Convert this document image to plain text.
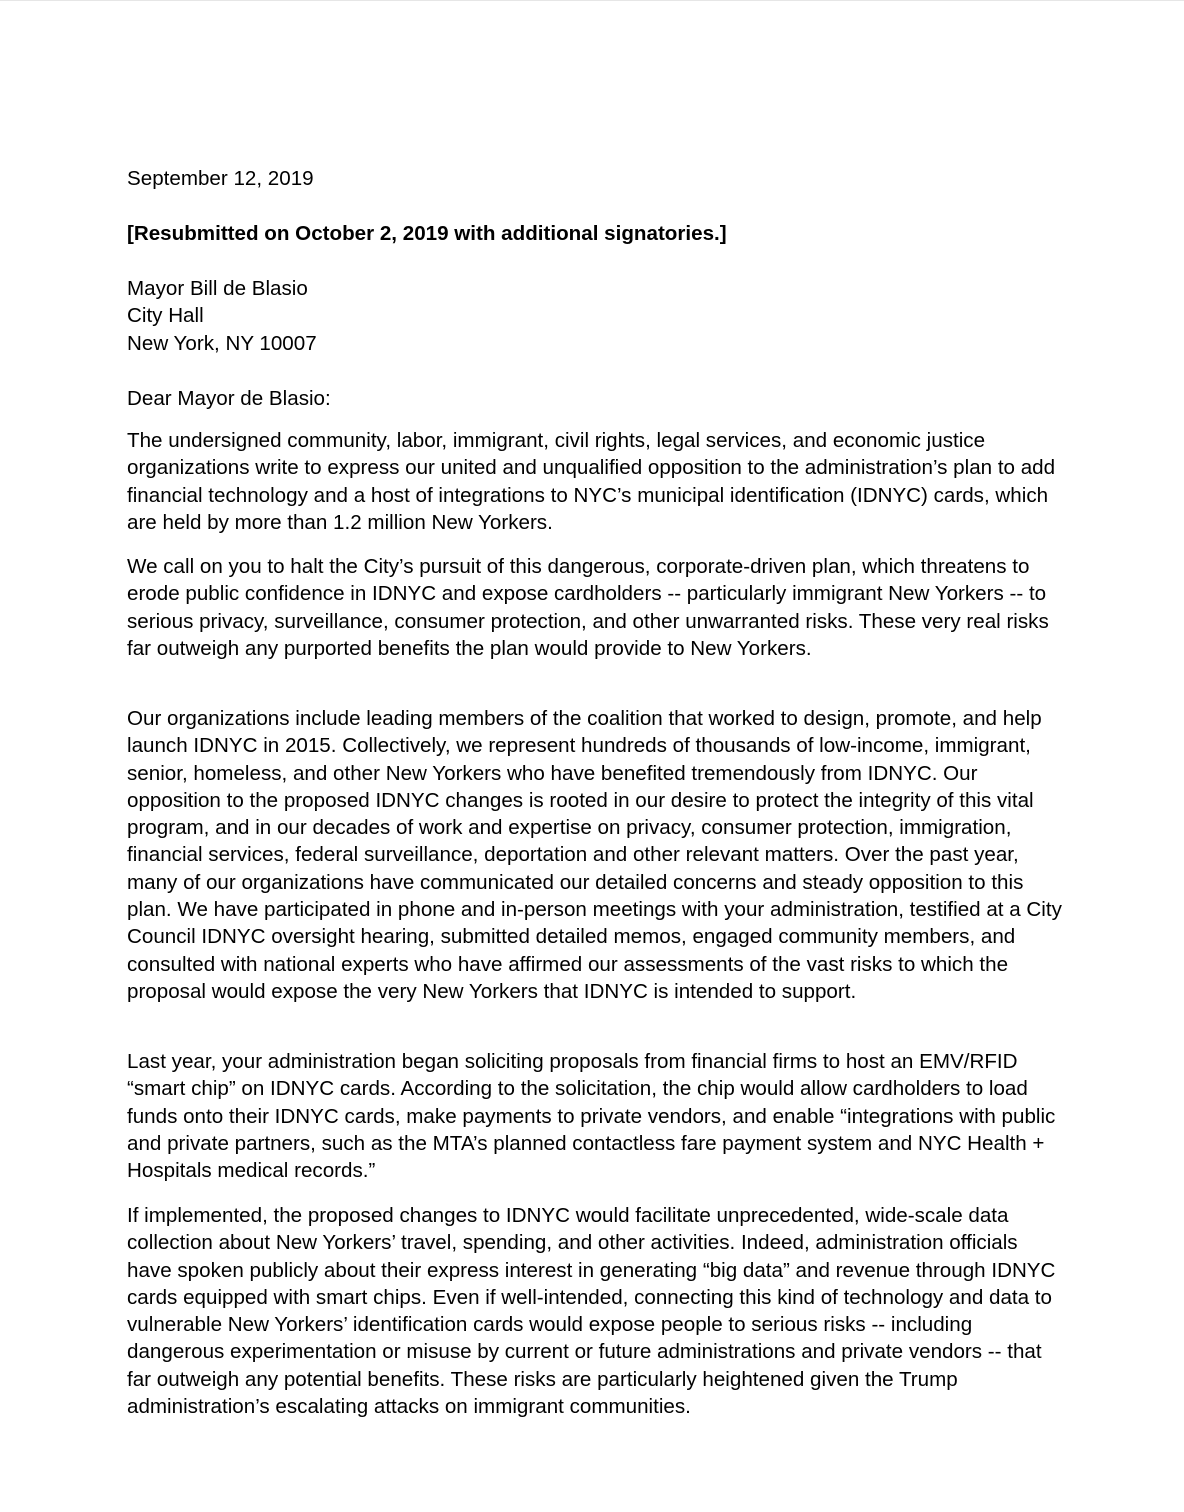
September 12, 2019
[Resubmitted on October 2, 2019 with additional signatories.]
Mayor Bill de Blasio
City Hall
New York, NY 10007
Dear Mayor de Blasio:

The undersigned community, labor, immigrant, civil rights, legal services, and economic justice organizations write to express our united and unqualified opposition to the administration’s plan to add financial technology and a host of integrations to NYC’s municipal identification (IDNYC) cards, which are held by more than 1.2 million New Yorkers.

We call on you to halt the City’s pursuit of this dangerous, corporate-driven plan, which threatens to erode public confidence in IDNYC and expose cardholders -- particularly immigrant New Yorkers -- to serious privacy, surveillance, consumer protection, and other unwarranted risks. These very real risks far outweigh any purported benefits the plan would provide to New Yorkers.

Our organizations include leading members of the coalition that worked to design, promote, and help launch IDNYC in 2015. Collectively, we represent hundreds of thousands of low-income, immigrant, senior, homeless, and other New Yorkers who have benefited tremendously from IDNYC. Our opposition to the proposed IDNYC changes is rooted in our desire to protect the integrity of this vital program, and in our decades of work and expertise on privacy, consumer protection, immigration, financial services, federal surveillance, deportation and other relevant matters. Over the past year, many of our organizations have communicated our detailed concerns and steady opposition to this plan. We have participated in phone and in-person meetings with your administration, testified at a City Council IDNYC oversight hearing, submitted detailed memos, engaged community members, and consulted with national experts who have affirmed our assessments of the vast risks to which the proposal would expose the very New Yorkers that IDNYC is intended to support.

Last year, your administration began soliciting proposals from financial firms to host an EMV/RFID “smart chip” on IDNYC cards. According to the solicitation, the chip would allow cardholders to load funds onto their IDNYC cards, make payments to private vendors, and enable “integrations with public and private partners, such as the MTA’s planned contactless fare payment system and NYC Health + Hospitals medical records.”

If implemented, the proposed changes to IDNYC would facilitate unprecedented, wide-scale data collection about New Yorkers’ travel, spending, and other activities. Indeed, administration officials have spoken publicly about their express interest in generating “big data” and revenue through IDNYC cards equipped with smart chips. Even if well-intended, connecting this kind of technology and data to vulnerable New Yorkers’ identification cards would expose people to serious risks -- including dangerous experimentation or misuse by current or future administrations and private vendors -- that far outweigh any potential benefits. These risks are particularly heightened given the Trump administration’s escalating attacks on immigrant communities.
